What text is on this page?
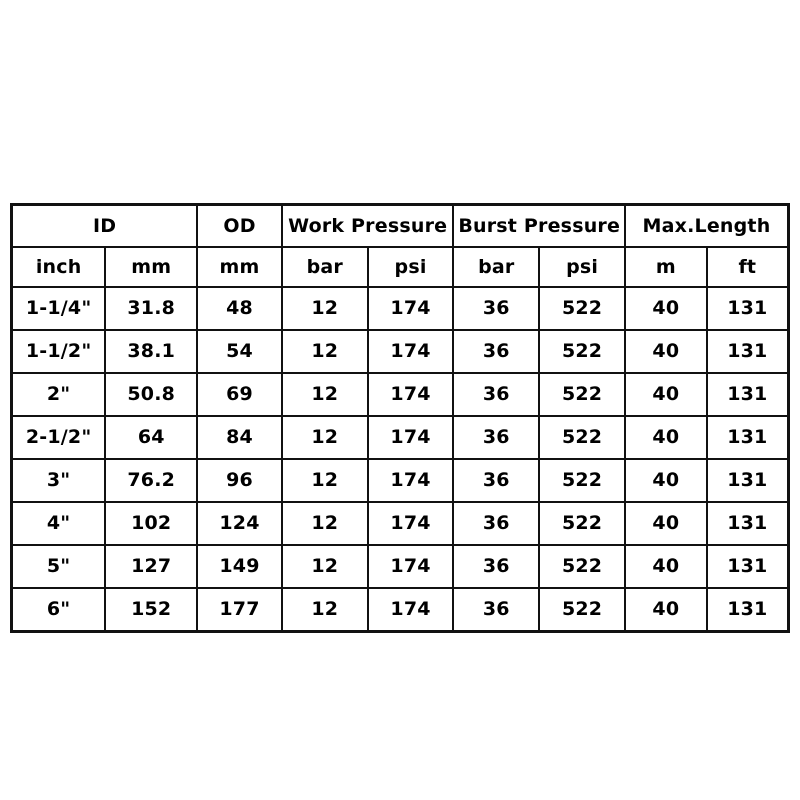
ID		OD	Work Pressure		Burst Pressure		Max.Length	

inch	mm	mm	bar	psi	bar	psi	m	ft

1-1/4"	31.8	48	12	174	36	522	40	131

1-1/2"	38.1	54	12	174	36	522	40	131

2"	50.8	69	12	174	36	522	40	131

2-1/2"	64	84	12	174	36	522	40	131

3"	76.2	96	12	174	36	522	40	131

4"	102	124	12	174	36	522	40	131

5"	127	149	12	174	36	522	40	131

6"	152	177	12	174	36	522	40	131
